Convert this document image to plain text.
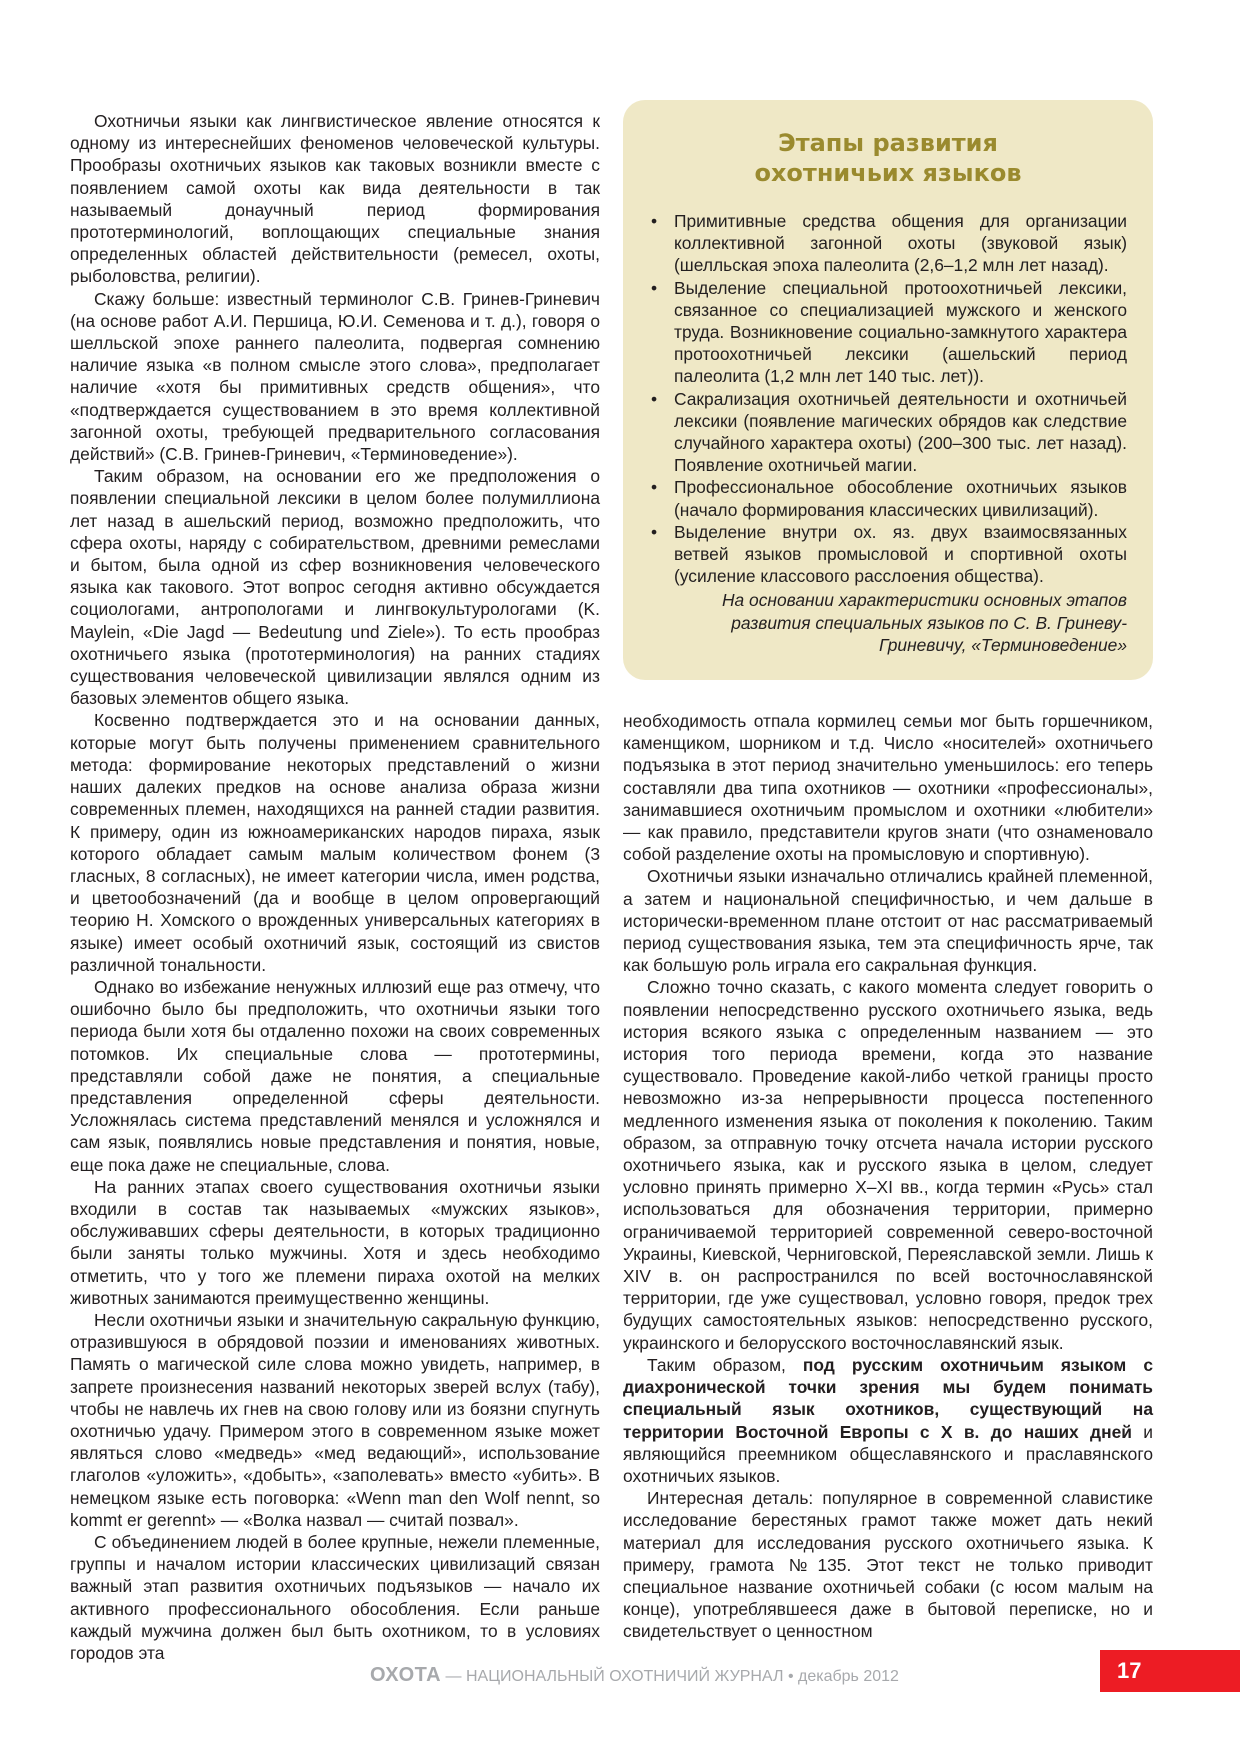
Охотничьи языки как лингвистическое явление относятся к одному из интереснейших феноменов человеческой культуры. Прообразы охотничьих языков как таковых возникли вместе с появлением самой охоты как вида деятельности в так называемый донаучный период формирования прототерминологий, воплощающих специальные знания определенных областей действительности (ремесел, охоты, рыболовства, религии).

Скажу больше: известный терминолог С.В. Гринев-Гриневич (на основе работ А.И. Першица, Ю.И. Семенова и т. д.), говоря о шелльской эпохе раннего палеолита, подвергая сомнению наличие языка «в полном смысле этого слова», предполагает наличие «хотя бы примитивных средств общения», что «подтверждается существованием в это время коллективной загонной охоты, требующей предварительного согласования действий» (С.В. Гринев-Гриневич, «Терминоведение»).

Таким образом, на основании его же предположения о появлении специальной лексики в целом более полумиллиона лет назад в ашельский период, возможно предположить, что сфера охоты, наряду с собирательством, древними ремеслами и бытом, была одной из сфер возникновения человеческого языка как такового. Этот вопрос сегодня активно обсуждается социологами, антропологами и лингвокультурологами (K. Maylein, «Die Jagd — Bedeutung und Ziele»). То есть прообраз охотничьего языка (прототерминология) на ранних стадиях существования человеческой цивилизации являлся одним из базовых элементов общего языка.

Косвенно подтверждается это и на основании данных, которые могут быть получены применением сравнительного метода: формирование некоторых представлений о жизни наших далеких предков на основе анализа образа жизни современных племен, находящихся на ранней стадии развития. К примеру, один из южноамериканских народов пираха, язык которого обладает самым малым количеством фонем (3 гласных, 8 согласных), не имеет категории числа, имен родства, и цветообозначений (да и вообще в целом опровергающий теорию Н. Хомского о врожденных универсальных категориях в языке) имеет особый охотничий язык, состоящий из свистов различной тональности.

Однако во избежание ненужных иллюзий еще раз отмечу, что ошибочно было бы предположить, что охотничьи языки того периода были хотя бы отдаленно похожи на своих современных потомков. Их специальные слова — прототермины, представляли собой даже не понятия, а специальные представления определенной сферы деятельности. Усложнялась система представлений менялся и усложнялся и сам язык, появлялись новые представления и понятия, новые, еще пока даже не специальные, слова.

На ранних этапах своего существования охотничьи языки входили в состав так называемых «мужских языков», обслуживавших сферы деятельности, в которых традиционно были заняты только мужчины. Хотя и здесь необходимо отметить, что у того же племени пираха охотой на мелких животных занимаются преимущественно женщины.

Несли охотничьи языки и значительную сакральную функцию, отразившуюся в обрядовой поэзии и именованиях животных. Память о магической силе слова можно увидеть, например, в запрете произнесения названий некоторых зверей вслух (табу), чтобы не навлечь их гнев на свою голову или из боязни спугнуть охотничью удачу. Примером этого в современном языке может являться слово «медведь» «мед ведающий», использование глаголов «уложить», «добыть», «заполевать» вместо «убить». В немецком языке есть поговорка: «Wenn man den Wolf nennt, so kommt er gerennt» — «Волка назвал — считай позвал».

С объединением людей в более крупные, нежели племенные, группы и началом истории классических цивилизаций связан важный этап развития охотничьих подъязыков — начало их активного профессионального обособления. Если раньше каждый мужчина должен был быть охотником, то в условиях городов эта

Этапы развития охотничьих языков
• Примитивные средства общения для организации коллективной загонной охоты (звуковой язык) (шелльская эпоха палеолита (2,6–1,2 млн лет назад).
• Выделение специальной протоохотничьей лексики, связанное со специализацией мужского и женского труда. Возникновение социально-замкнутого характера протоохотничьей лексики (ашельский период палеолита (1,2 млн лет 140 тыс. лет)).
• Сакрализация охотничьей деятельности и охотничьей лексики (появление магических обрядов как следствие случайного характера охоты) (200–300 тыс. лет назад). Появление охотничьей магии.
• Профессиональное обособление охотничьих языков (начало формирования классических цивилизаций).
• Выделение внутри ох. яз. двух взаимосвязанных ветвей языков промысловой и спортивной охоты (усиление классового расслоения общества).

На основании характеристики основных этапов развития специальных языков по С. В. Гриневу-Гриневичу, «Терминоведение»

необходимость отпала кормилец семьи мог быть горшечником, каменщиком, шорником и т.д. Число «носителей» охотничьего подъязыка в этот период значительно уменьшилось: его теперь составляли два типа охотников — охотники «профессионалы», занимавшиеся охотничьим промыслом и охотники «любители» — как правило, представители кругов знати (что ознаменовало собой разделение охоты на промысловую и спортивную).

Охотничьи языки изначально отличались крайней племенной, а затем и национальной специфичностью, и чем дальше в исторически-временном плане отстоит от нас рассматриваемый период существования языка, тем эта специфичность ярче, так как большую роль играла его сакральная функция.

Сложно точно сказать, с какого момента следует говорить о появлении непосредственно русского охотничьего языка, ведь история всякого языка с определенным названием — это история того периода времени, когда это название существовало. Проведение какой-либо четкой границы просто невозможно из-за непрерывности процесса постепенного медленного изменения языка от поколения к поколению. Таким образом, за отправную точку отсчета начала истории русского охотничьего языка, как и русского языка в целом, следует условно принять примерно X–XI вв., когда термин «Русь» стал использоваться для обозначения территории, примерно ограничиваемой территорией современной северо-восточной Украины, Киевской, Черниговской, Переяславской земли. Лишь к XIV в. он распространился по всей восточнославянской территории, где уже существовал, условно говоря, предок трех будущих самостоятельных языков: непосредственно русского, украинского и белорусского восточнославянский язык.

Таким образом, под русским охотничьим языком с диахронической точки зрения мы будем понимать специальный язык охотников, существующий на территории Восточной Европы с X в. до наших дней и являющийся преемником общеславянского и праславянского охотничьих языков.

Интересная деталь: популярное в современной славистике исследование берестяных грамот также может дать некий материал для исследования русского охотничьего языка. К примеру, грамота №135. Этот текст не только приводит специальное название охотничьей собаки (с юсом малым на конце), употреблявшееся даже в бытовой переписке, но и свидетельствует о ценностном

ОХОТА — НАЦИОНАЛЬНЫЙ ОХОТНИЧИЙ ЖУРНАЛ • декабрь 2012	17
